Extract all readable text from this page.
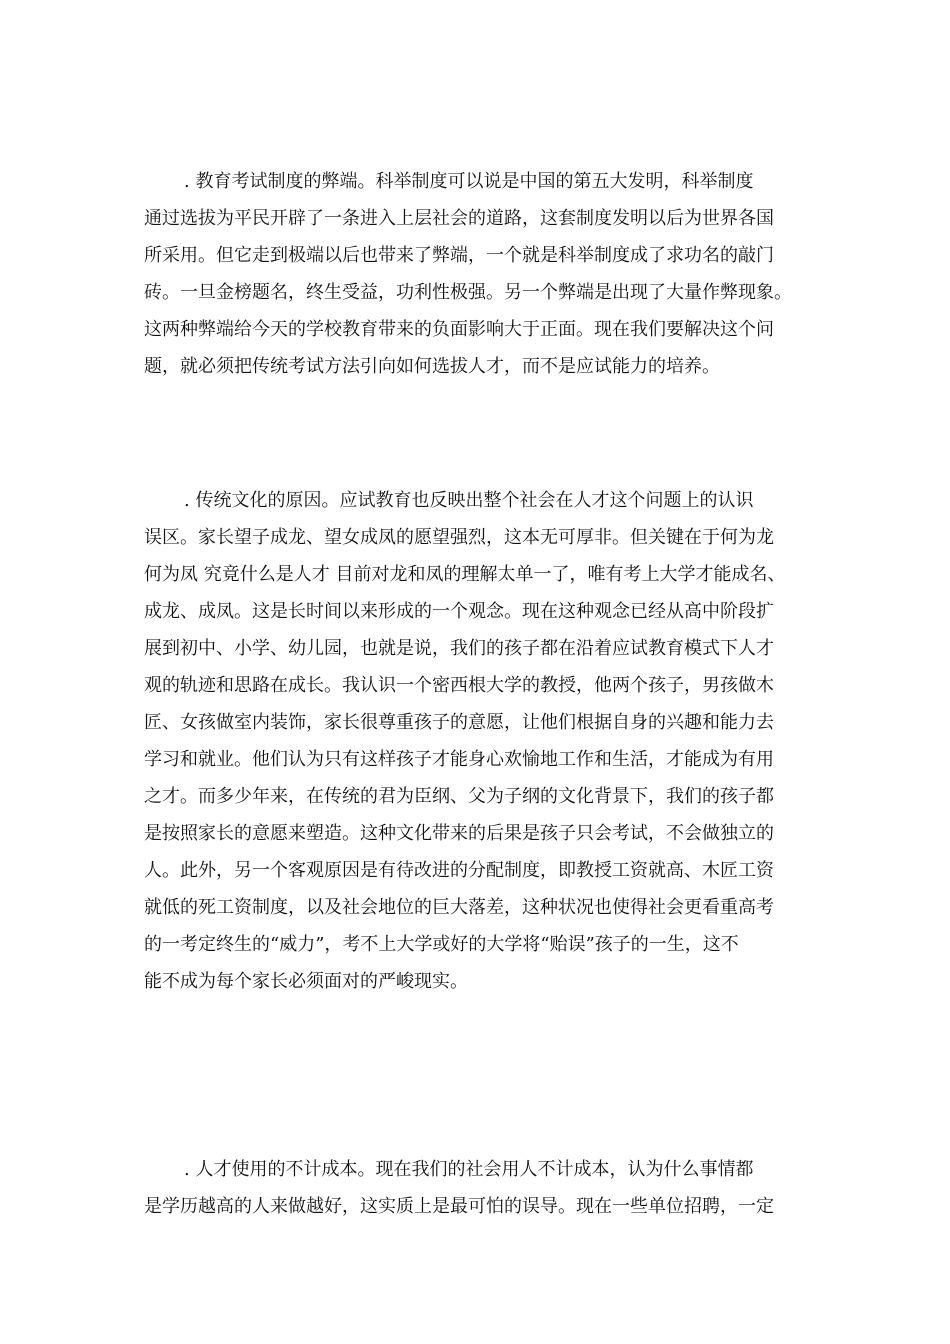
. 教育考试制度的弊端。科举制度可以说是中国的第五大发明，科举制度
通过选拔为平民开辟了一条进入上层社会的道路，这套制度发明以后为世界各国
所采用。但它走到极端以后也带来了弊端，一个就是科举制度成了求功名的敲门
砖。一旦金榜题名，终生受益，功利性极强。另一个弊端是出现了大量作弊现象。
这两种弊端给今天的学校教育带来的负面影响大于正面。现在我们要解决这个问
题，就必须把传统考试方法引向如何选拔人才，而不是应试能力的培养。
. 传统文化的原因。应试教育也反映出整个社会在人才这个问题上的认识
误区。家长望子成龙、望女成凤的愿望强烈，这本无可厚非。但关键在于何为龙
何为凤 究竟什么是人才 目前对龙和凤的理解太单一了，唯有考上大学才能成名、
成龙、成凤。这是长时间以来形成的一个观念。现在这种观念已经从高中阶段扩
展到初中、小学、幼儿园，也就是说，我们的孩子都在沿着应试教育模式下人才
观的轨迹和思路在成长。我认识一个密西根大学的教授，他两个孩子，男孩做木
匠、女孩做室内装饰，家长很尊重孩子的意愿，让他们根据自身的兴趣和能力去
学习和就业。他们认为只有这样孩子才能身心欢愉地工作和生活，才能成为有用
之才。而多少年来，在传统的君为臣纲、父为子纲的文化背景下，我们的孩子都
是按照家长的意愿来塑造。这种文化带来的后果是孩子只会考试，不会做独立的
人。此外，另一个客观原因是有待改进的分配制度，即教授工资就高、木匠工资
就低的死工资制度，以及社会地位的巨大落差，这种状况也使得社会更看重高考
的一考定终生的“威力”，考不上大学或好的大学将“贻误”孩子的一生，这不
能不成为每个家长必须面对的严峻现实。
. 人才使用的不计成本。现在我们的社会用人不计成本，认为什么事情都
是学历越高的人来做越好，这实质上是最可怕的误导。现在一些单位招聘，一定
